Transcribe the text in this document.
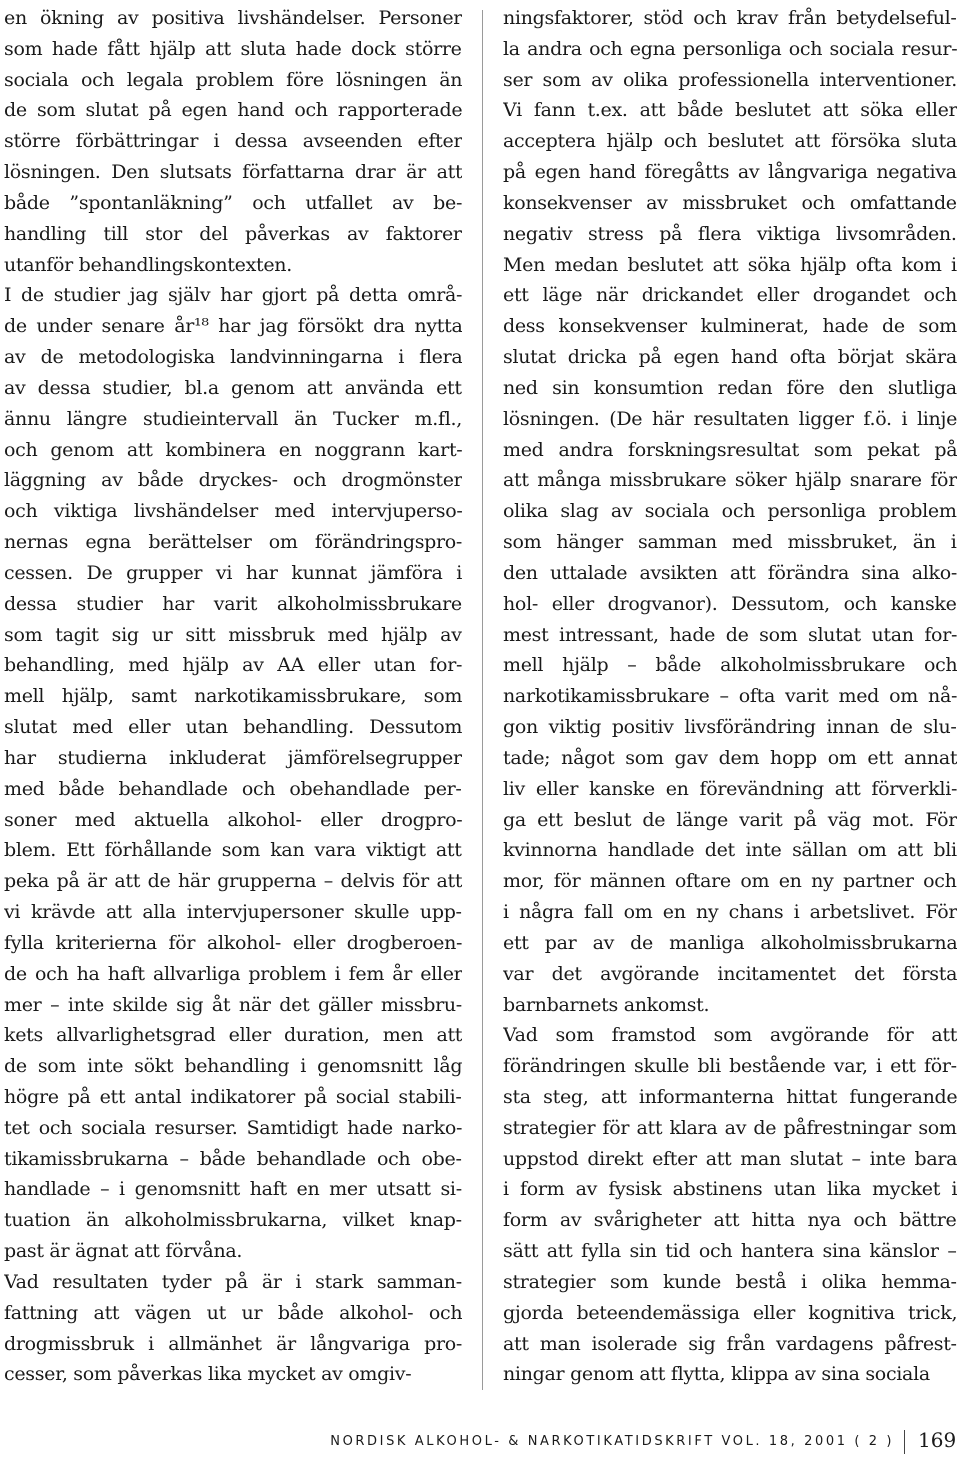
en ökning av positiva livshändelser. Personer
som hade fått hjälp att sluta hade dock större
sociala och legala problem före lösningen än
de som slutat på egen hand och rapporterade
större förbättringar i dessa avseenden efter
lösningen. Den slutsats författarna drar är att
både ”spontanläkning” och utfallet av be-
handling till stor del påverkas av faktorer
utanför behandlingskontexten.
I de studier jag själv har gjort på detta områ-
de under senare år¹⁸ har jag försökt dra nytta
av de metodologiska landvinningarna i flera
av dessa studier, bl.a genom att använda ett
ännu längre studieintervall än Tucker m.fl.,
och genom att kombinera en noggrann kart-
läggning av både dryckes- och drogmönster
och viktiga livshändelser med intervjuperso-
nernas egna berättelser om förändringspro-
cessen. De grupper vi har kunnat jämföra i
dessa studier har varit alkoholmissbrukare
som tagit sig ur sitt missbruk med hjälp av
behandling, med hjälp av AA eller utan for-
mell hjälp, samt narkotikamissbrukare, som
slutat med eller utan behandling. Dessutom
har studierna inkluderat jämförelsegrupper
med både behandlade och obehandlade per-
soner med aktuella alkohol- eller drogpro-
blem. Ett förhållande som kan vara viktigt att
peka på är att de här grupperna – delvis för att
vi krävde att alla intervjupersoner skulle upp-
fylla kriterierna för alkohol- eller drogberoen-
de och ha haft allvarliga problem i fem år eller
mer – inte skilde sig åt när det gäller missbru-
kets allvarlighetsgrad eller duration, men att
de som inte sökt behandling i genomsnitt låg
högre på ett antal indikatorer på social stabili-
tet och sociala resurser. Samtidigt hade narko-
tikamissbrukarna – både behandlade och obe-
handlade – i genomsnitt haft en mer utsatt si-
tuation än alkoholmissbrukarna, vilket knap-
past är ägnat att förvåna.
Vad resultaten tyder på är i stark samman-
fattning att vägen ut ur både alkohol- och
drogmissbruk i allmänhet är långvariga pro-
cesser, som påverkas lika mycket av omgiv-
ningsfaktorer, stöd och krav från betydelseful-
la andra och egna personliga och sociala resur-
ser som av olika professionella interventioner.
Vi fann t.ex. att både beslutet att söka eller
acceptera hjälp och beslutet att försöka sluta
på egen hand föregåtts av långvariga negativa
konsekvenser av missbruket och omfattande
negativ stress på flera viktiga livsområden.
Men medan beslutet att söka hjälp ofta kom i
ett läge när drickandet eller drogandet och
dess konsekvenser kulminerat, hade de som
slutat dricka på egen hand ofta börjat skära
ned sin konsumtion redan före den slutliga
lösningen. (De här resultaten ligger f.ö. i linje
med andra forskningsresultat som pekat på
att många missbrukare söker hjälp snarare för
olika slag av sociala och personliga problem
som hänger samman med missbruket, än i
den uttalade avsikten att förändra sina alko-
hol- eller drogvanor). Dessutom, och kanske
mest intressant, hade de som slutat utan for-
mell hjälp – både alkoholmissbrukare och
narkotikamissbrukare – ofta varit med om nå-
gon viktig positiv livsförändring innan de slu-
tade; något som gav dem hopp om ett annat
liv eller kanske en förevändning att förverkli-
ga ett beslut de länge varit på väg mot. För
kvinnorna handlade det inte sällan om att bli
mor, för männen oftare om en ny partner och
i några fall om en ny chans i arbetslivet. För
ett par av de manliga alkoholmissbrukarna
var det avgörande incitamentet det första
barnbarnets ankomst.
Vad som framstod som avgörande för att
förändringen skulle bli bestående var, i ett för-
sta steg, att informanterna hittat fungerande
strategier för att klara av de påfrestningar som
uppstod direkt efter att man slutat – inte bara
i form av fysisk abstinens utan lika mycket i
form av svårigheter att hitta nya och bättre
sätt att fylla sin tid och hantera sina känslor –
strategier som kunde bestå i olika hemma-
gjorda beteendemässiga eller kognitiva trick,
att man isolerade sig från vardagens påfrest-
ningar genom att flytta, klippa av sina sociala
NORDISK ALKOHOL- & NARKOTIKATIDSKRIFT VOL. 18, 2001 ( 2 ) 169
